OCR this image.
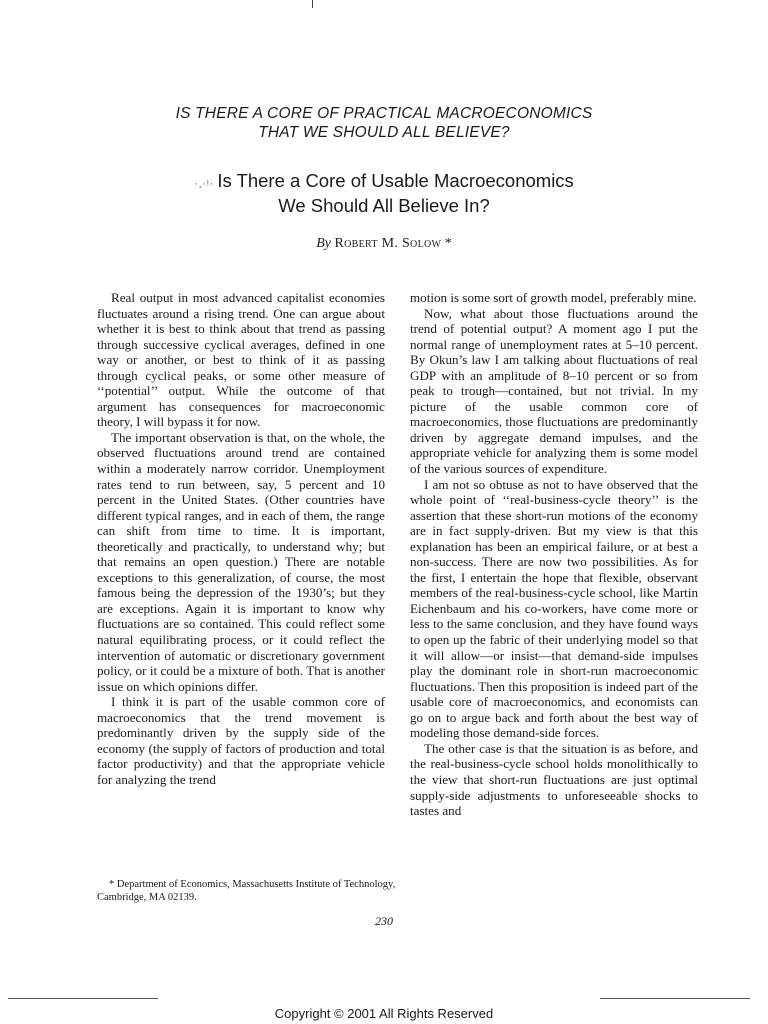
IS THERE A CORE OF PRACTICAL MACROECONOMICS
THAT WE SHOULD ALL BELIEVE?
·‚·ᵎ· Is There a Core of Usable Macroeconomics
We Should All Believe In?
By Robert M. Solow *

Real output in most advanced capitalist economies fluctuates around a rising trend. One can argue about whether it is best to think about that trend as passing through successive cyclical averages, defined in one way or another, or best to think of it as passing through cyclical peaks, or some other measure of ‘‘potential’’ output. While the outcome of that argument has consequences for macroeconomic theory, I will bypass it for now.

The important observation is that, on the whole, the observed fluctuations around trend are contained within a moderately narrow corridor. Unemployment rates tend to run between, say, 5 percent and 10 percent in the United States. (Other countries have different typical ranges, and in each of them, the range can shift from time to time. It is important, theoretically and practically, to understand why; but that remains an open question.) There are notable exceptions to this generalization, of course, the most famous being the depression of the 1930’s; but they are exceptions. Again it is important to know why fluctuations are so contained. This could reflect some natural equilibrating process, or it could reflect the intervention of automatic or discretionary government policy, or it could be a mixture of both. That is another issue on which opinions differ.

I think it is part of the usable common core of macroeconomics that the trend movement is predominantly driven by the supply side of the economy (the supply of factors of production and total factor productivity) and that the appropriate vehicle for analyzing the trend

motion is some sort of growth model, preferably mine.

Now, what about those fluctuations around the trend of potential output? A moment ago I put the normal range of unemployment rates at 5–10 percent. By Okun’s law I am talking about fluctuations of real GDP with an amplitude of 8–10 percent or so from peak to trough—contained, but not trivial. In my picture of the usable common core of macroeconomics, those fluctuations are predominantly driven by aggregate demand impulses, and the appropriate vehicle for analyzing them is some model of the various sources of expenditure.

I am not so obtuse as not to have observed that the whole point of ‘‘real-business-cycle theory’’ is the assertion that these short-run motions of the economy are in fact supply-driven. But my view is that this explanation has been an empirical failure, or at best a non-success. There are now two possibilities. As for the first, I entertain the hope that flexible, observant members of the real-business-cycle school, like Martin Eichenbaum and his co-workers, have come more or less to the same conclusion, and they have found ways to open up the fabric of their underlying model so that it will allow—or insist—that demand-side impulses play the dominant role in short-run macroeconomic fluctuations. Then this proposition is indeed part of the usable core of macroeconomics, and economists can go on to argue back and forth about the best way of modeling those demand-side forces.

The other case is that the situation is as before, and the real-business-cycle school holds monolithically to the view that short-run fluctuations are just optimal supply-side adjustments to unforeseeable shocks to tastes and

* Department of Economics, Massachusetts Institute of Technology, Cambridge, MA 02139.
230
Copyright © 2001 All Rights Reserved
